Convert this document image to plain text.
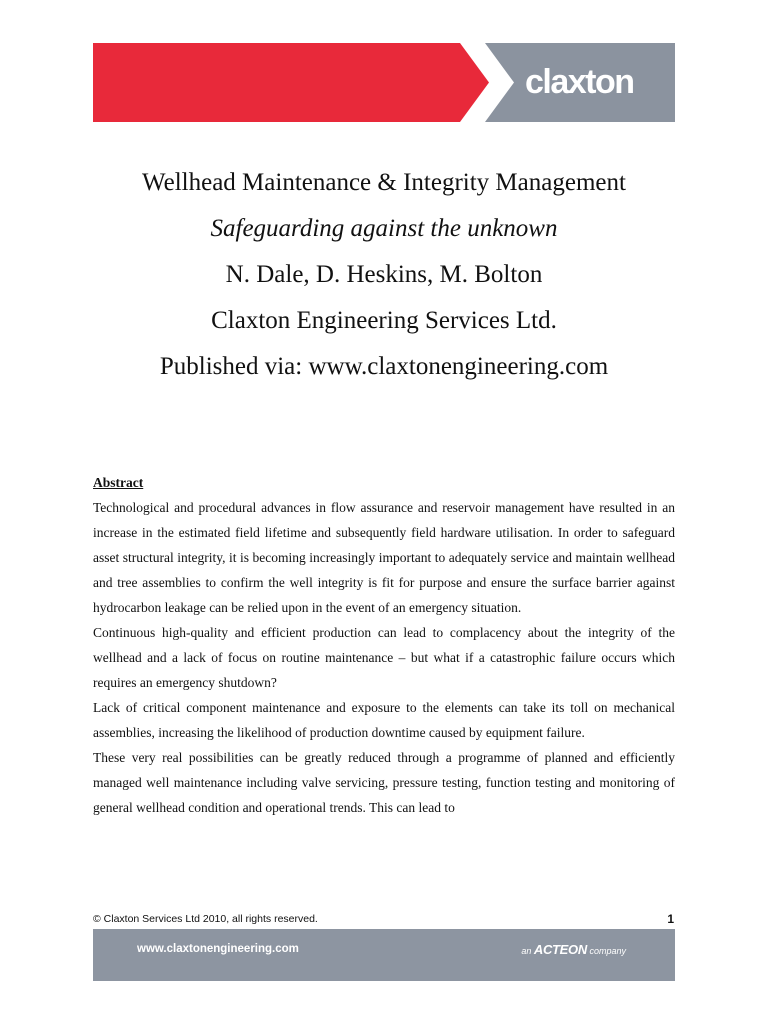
claxton
Wellhead Maintenance & Integrity Management
Safeguarding against the unknown
N. Dale, D. Heskins, M. Bolton
Claxton Engineering Services Ltd.
Published via: www.claxtonengineering.com
Abstract

Technological and procedural advances in flow assurance and reservoir management have resulted in an increase in the estimated field lifetime and subsequently field hardware utilisation. In order to safeguard asset structural integrity, it is becoming increasingly important to adequately service and maintain wellhead and tree assemblies to confirm the well integrity is fit for purpose and ensure the surface barrier against hydrocarbon leakage can be relied upon in the event of an emergency situation.

Continuous high-quality and efficient production can lead to complacency about the integrity of the wellhead and a lack of focus on routine maintenance – but what if a catastrophic failure occurs which requires an emergency shutdown?

Lack of critical component maintenance and exposure to the elements can take its toll on mechanical assemblies, increasing the likelihood of production downtime caused by equipment failure.

These very real possibilities can be greatly reduced through a programme of planned and efficiently managed well maintenance including valve servicing, pressure testing, function testing and monitoring of general wellhead condition and operational trends. This can lead to

© Claxton Services Ltd 2010, all rights reserved.	1
www.claxtonengineering.com	an ACTEON company
